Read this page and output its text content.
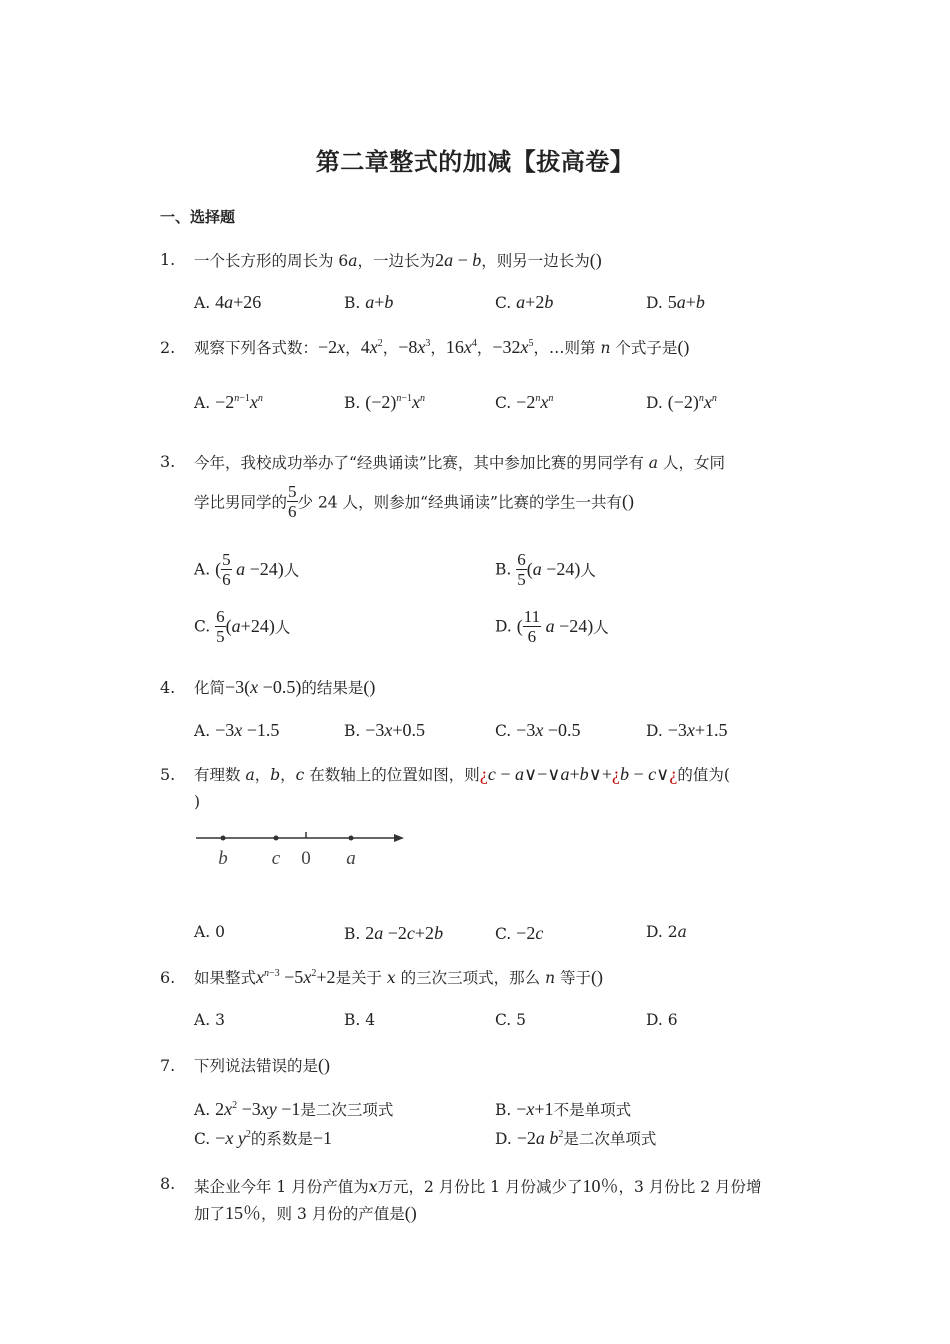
第二章整式的加减【拔高卷】
一、选择题
1. 一个长方形的周长为 6a，一边长为2a − b，则另一边长为()
A. 4a+26	B. a+b	C. a+2b	D. 5a+b
2. 观察下列各式数：−2x，$4x^2$，$-8x^3$，$16x^4$，$-32x^5$，…则第 n 个式子是()
A. $-2^{n-1}x^n$	B. $(-2)^{n-1}x^n$	C. $-2^nx^n$	D. $(-2)^nx^n$
3. 今年，我校成功举办了“经典诵读”比赛，其中参加比赛的男同学有 a 人，女同
学比男同学的 $\frac{5}{6}$ 少 24 人，则参加“经典诵读”比赛的学生一共有()
A. ( $\frac{5}{6}$ a −24)人	B. $\frac{6}{5} (a -24)$人
C. $\frac{6}{5} (a+24)$人	D. ( $\frac{11}{6}$ a −24)人
4. 化简−3(x −0.5)的结果是()
A. −3x −1.5	B. −3x+0.5	C. −3x −0.5	D. −3x+1.5
5. 有理数 a，b，c 在数轴上的位置如图，则¿c − a∨−∨a+b∨+¿b − c∨¿的值为(
)
b c 0 a
A. 0	B. 2a −2c+2b	C. −2c	D. 2a
6. 如果整式$x^{n-3} -5x^2+2$是关于 x 的三次三项式，那么 n 等于()
A. 3	B. 4	C. 5	D. 6
7. 下列说法错误的是()
A. $2x^2 -3xy -1$是二次三项式	B. −x+1不是单项式
C. −x $y^2$的系数是−1	D. −2a $b^2$是二次单项式
8. 某企业今年 1 月份产值为x万元，2 月份比 1 月份减少了10％，3 月份比 2 月份增
加了15％，则 3 月份的产值是()
